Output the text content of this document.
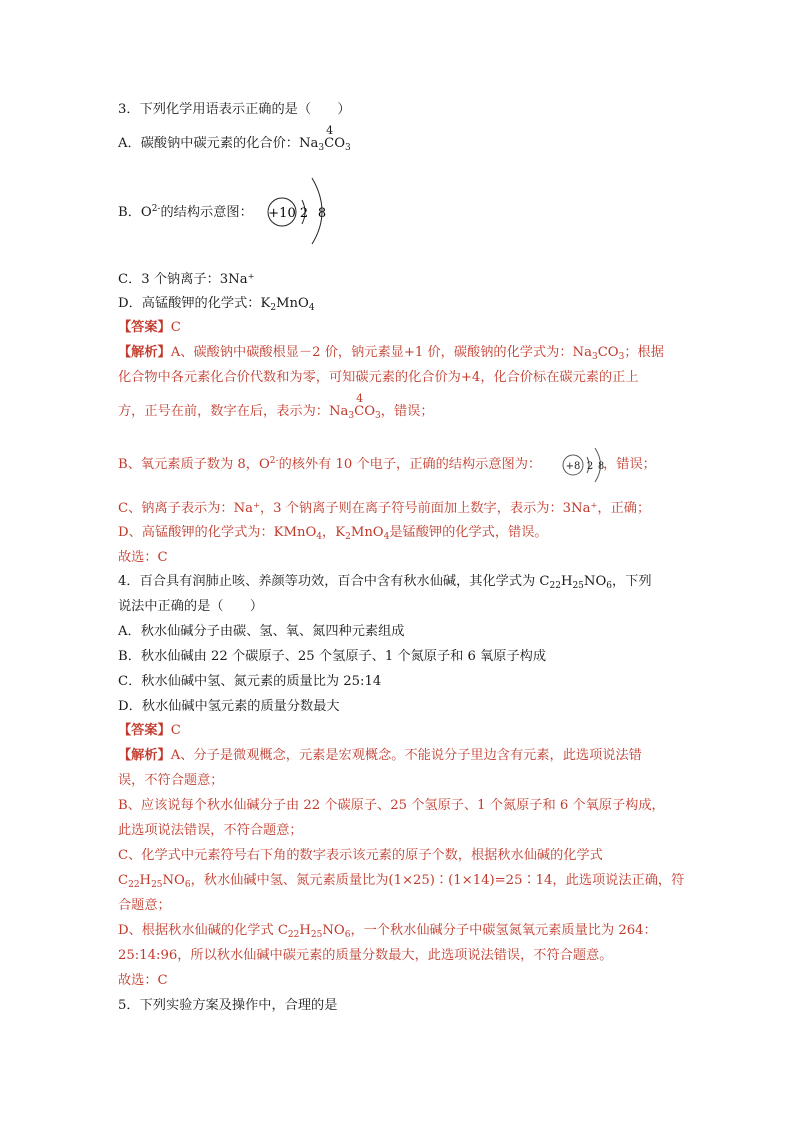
3．下列化学用语表示正确的是（　　）
A．碳酸钠中碳元素的化合价：$Na_3$
4
$CO_3$
B．$O^{2-}$的结构示意图： +10 2 8
C．3 个钠离子：3Na⁺
D．高锰酸钾的化学式：$K_2MnO_4$
【答案】C
【解析】A、碳酸钠中碳酸根显－2 价，钠元素显+1 价，碳酸钠的化学式为：$Na_3CO_3$；根据
化合物中各元素化合价代数和为零，可知碳元素的化合价为+4，化合价标在碳元素的正上
方，正号在前，数字在后，表示为：$Na_3$
4
$CO_3$，错误；
B、氧元素质子数为 8，$O^{2-}$的核外有 10 个电子，正确的结构示意图为：	，错误；
+8 2 8
C、钠离子表示为：Na⁺，3 个钠离子则在离子符号前面加上数字，表示为：3Na⁺，正确；
D、高锰酸钾的化学式为：KMnO$_4$，$K_2MnO_4$是锰酸钾的化学式，错误。
故选：C
4．百合具有润肺止咳、养颜等功效，百合中含有秋水仙碱，其化学式为 $C_{22}H_{25}NO_6$，下列
说法中正确的是（　　）
A．秋水仙碱分子由碳、氢、氧、氮四种元素组成
B．秋水仙碱由 22 个碳原子、25 个氢原子、1 个氮原子和 6 氧原子构成
C．秋水仙碱中氢、氮元素的质量比为 25:14
D．秋水仙碱中氢元素的质量分数最大
【答案】C
【解析】A、分子是微观概念，元素是宏观概念。不能说分子里边含有元素，此选项说法错
误，不符合题意；
B、应该说每个秋水仙碱分子由 22 个碳原子、25 个氢原子、1 个氮原子和 6 个氧原子构成，
此选项说法错误，不符合题意；
C、化学式中元素符号右下角的数字表示该元素的原子个数，根据秋水仙碱的化学式
$C_{22}H_{25}NO_6$，秋水仙碱中氢、氮元素质量比为(1×25)∶(1×14)=25∶14，此选项说法正确，符
合题意；
D、根据秋水仙碱的化学式 $C_{22}H_{25}NO_6$，一个秋水仙碱分子中碳氢氮氧元素质量比为 264：
25:14:96，所以秋水仙碱中碳元素的质量分数最大，此选项说法错误，不符合题意。
故选：C
5．下列实验方案及操作中，合理的是
